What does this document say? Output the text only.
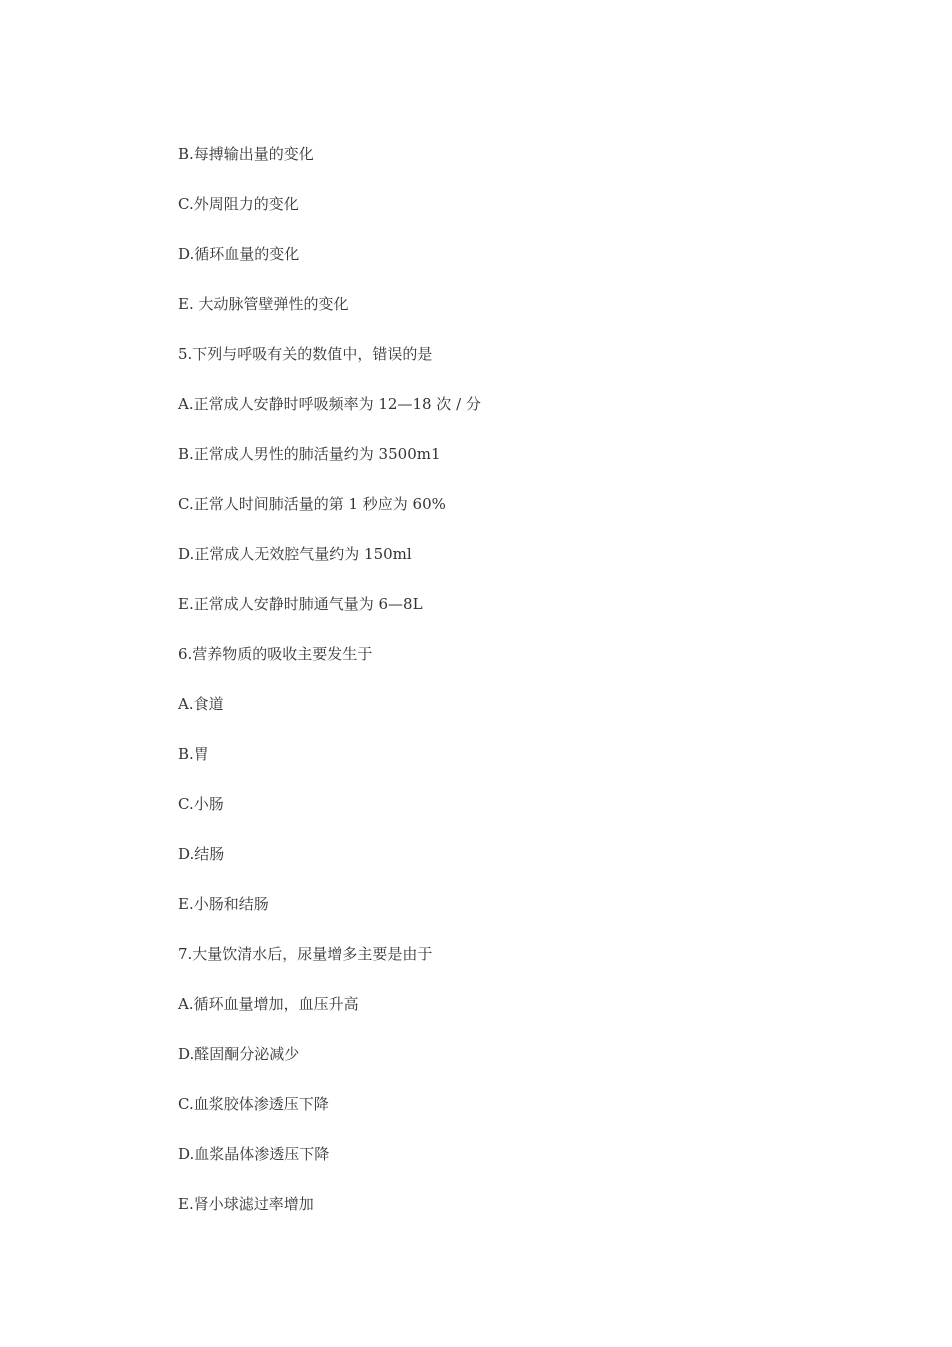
B.每搏输出量的变化
C.外周阻力的变化
D.循环血量的变化
E. 大动脉管壁弹性的变化
5.下列与呼吸有关的数值中，错误的是
A.正常成人安静时呼吸频率为 12—18 次 / 分
B.正常成人男性的肺活量约为 3500m1
C.正常人时间肺活量的第 1 秒应为 60%
D.正常成人无效腔气量约为 150ml
E.正常成人安静时肺通气量为 6—8L
6.营养物质的吸收主要发生于
A.食道
B.胃
C.小肠
D.结肠
E.小肠和结肠
7.大量饮清水后，尿量增多主要是由于
A.循环血量增加，血压升高
D.醛固酮分泌减少
C.血浆胶体渗透压下降
D.血浆晶体渗透压下降
E.肾小球滤过率增加
